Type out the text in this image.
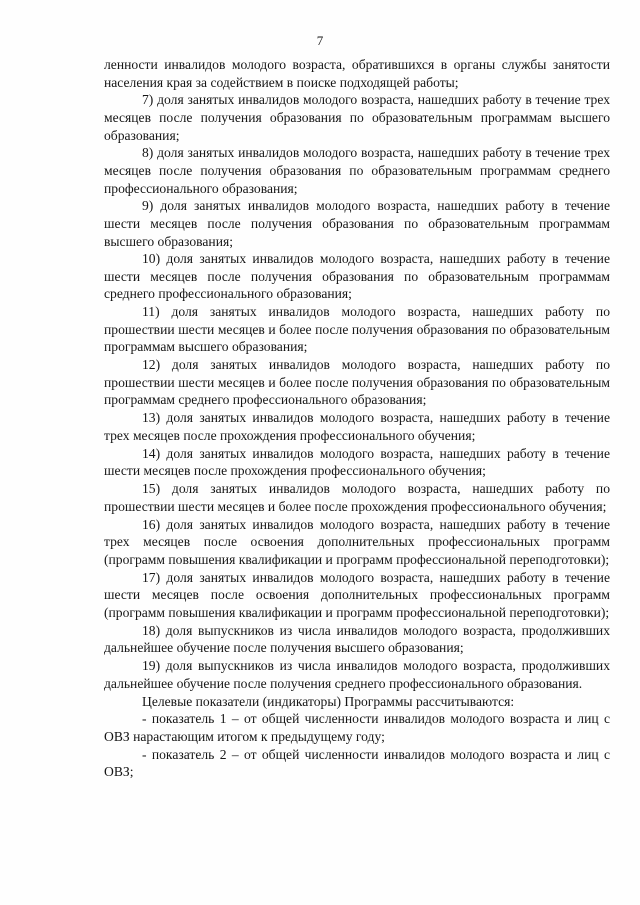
7

ленности инвалидов молодого возраста, обратившихся в органы службы занятости населения края за содействием в поиске подходящей работы;

7) доля занятых инвалидов молодого возраста, нашедших работу в течение трех месяцев после получения образования по образовательным программам высшего образования;

8) доля занятых инвалидов молодого возраста, нашедших работу в течение трех месяцев после получения образования по образовательным программам среднего профессионального образования;

9) доля занятых инвалидов молодого возраста, нашедших работу в течение шести месяцев после получения образования по образовательным программам высшего образования;

10) доля занятых инвалидов молодого возраста, нашедших работу в течение шести месяцев после получения образования по образовательным программам среднего профессионального образования;

11) доля занятых инвалидов молодого возраста, нашедших работу по прошествии шести месяцев и более после получения образования по образовательным программам высшего образования;

12) доля занятых инвалидов молодого возраста, нашедших работу по прошествии шести месяцев и более после получения образования по образовательным программам среднего профессионального образования;

13) доля занятых инвалидов молодого возраста, нашедших работу в течение трех месяцев после прохождения профессионального обучения;

14) доля занятых инвалидов молодого возраста, нашедших работу в течение шести месяцев после прохождения профессионального обучения;

15) доля занятых инвалидов молодого возраста, нашедших работу по прошествии шести месяцев и более после прохождения профессионального обучения;

16) доля занятых инвалидов молодого возраста, нашедших работу в течение трех месяцев после освоения дополнительных профессиональных программ (программ повышения квалификации и программ профессиональной переподготовки);

17) доля занятых инвалидов молодого возраста, нашедших работу в течение шести месяцев после освоения дополнительных профессиональных программ (программ повышения квалификации и программ профессиональной переподготовки);

18) доля выпускников из числа инвалидов молодого возраста, продолживших дальнейшее обучение после получения высшего образования;

19) доля выпускников из числа инвалидов молодого возраста, продолживших дальнейшее обучение после получения среднего профессионального образования.

Целевые показатели (индикаторы) Программы рассчитываются:

- показатель 1 – от общей численности инвалидов молодого возраста и лиц с ОВЗ нарастающим итогом к предыдущему году;

- показатель 2 – от общей численности инвалидов молодого возраста и лиц с ОВЗ;
